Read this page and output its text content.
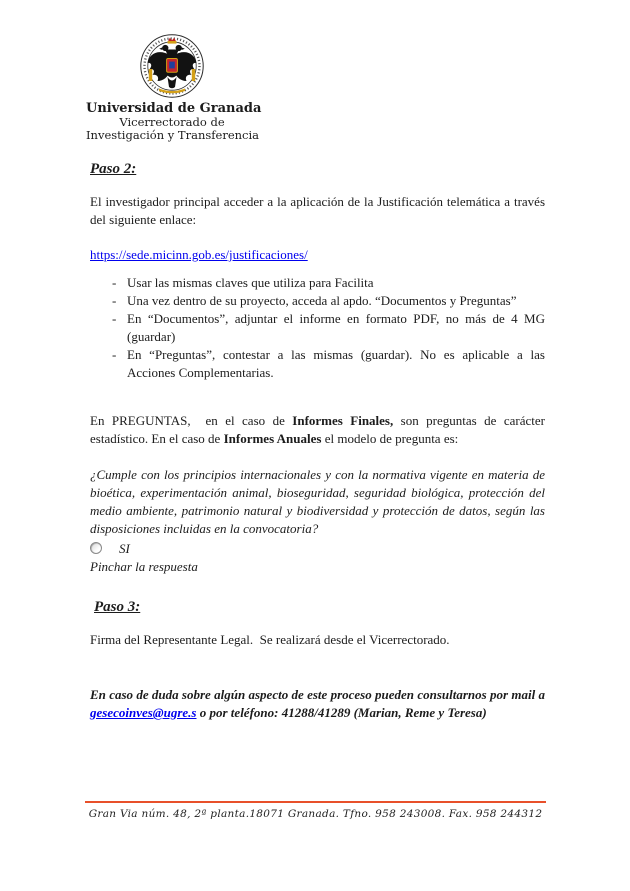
Universidad de Granada
Vicerrectorado de
Investigación y Transferencia
Paso 2:

El investigador principal acceder a la aplicación de la Justificación telemática a través del siguiente enlace:

https://sede.micinn.gob.es/justificaciones/

- Usar las mismas claves que utiliza para Facilita
- Una vez dentro de su proyecto, acceda al apdo. “Documentos y Preguntas”
- En “Documentos”, adjuntar el informe en formato PDF, no más de 4 MG (guardar)
- En “Preguntas”, contestar a las mismas (guardar). No es aplicable a las Acciones Complementarias.

En PREGUNTAS,  en el caso de Informes Finales, son preguntas de carácter estadístico. En el caso de Informes Anuales el modelo de pregunta es:

¿Cumple con los principios internacionales y con la normativa vigente en materia de bioética, experimentación animal, bioseguridad, seguridad biológica, protección del medio ambiente, patrimonio natural y biodiversidad y protección de datos, según las disposiciones incluidas en la convocatoria?

SI

Pinchar la respuesta

Paso 3:

Firma del Representante Legal.  Se realizará desde el Vicerrectorado.

En caso de duda sobre algún aspecto de este proceso pueden consultarnos por mail a gesecoinves@ugre.s o por teléfono: 41288/41289 (Marian, Reme y Teresa)

Gran Via núm. 48, 2ª planta.18071 Granada. Tfno. 958 243008. Fax. 958 244312
